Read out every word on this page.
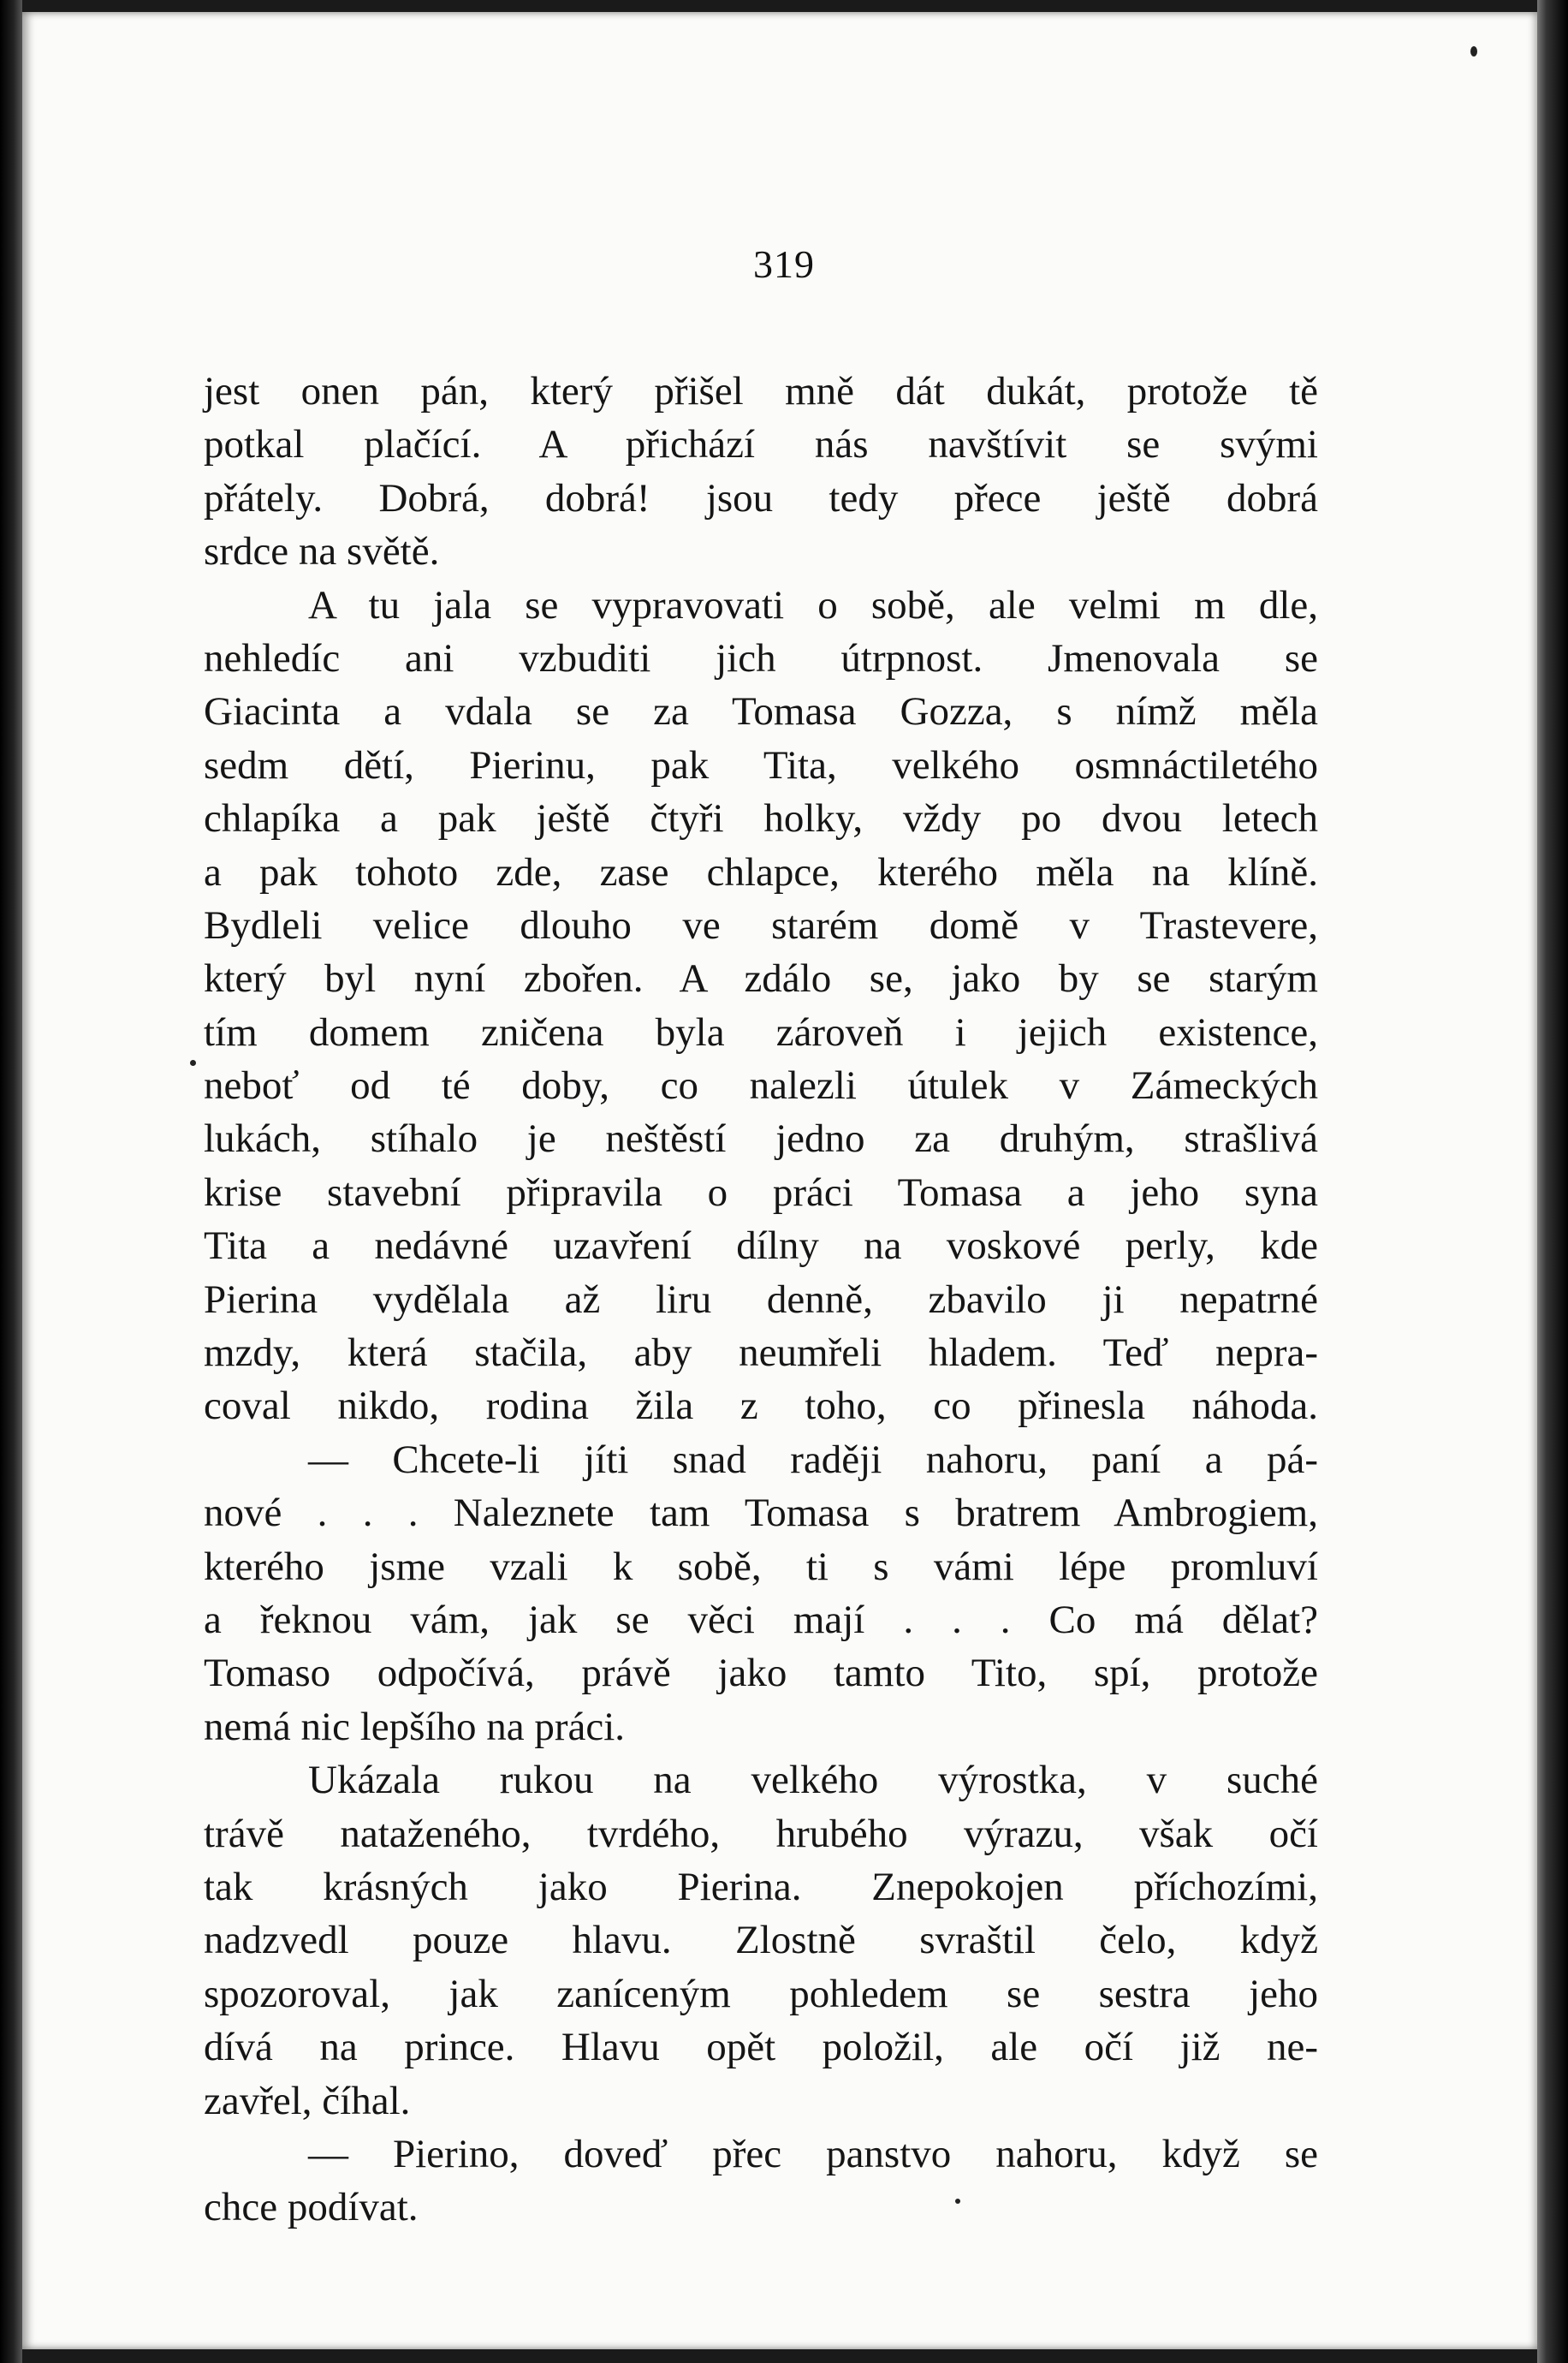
319
jest onen pán, který přišel mně dát dukát, protože tě
potkal plačící. A přichází nás navštívit se svými
přátely. Dobrá, dobrá! jsou tedy přece ještě dobrá
srdce na světě.
A tu jala se vypravovati o sobě, ale velmi m dle,
nehledíc ani vzbuditi jich útrpnost. Jmenovala se
Giacinta a vdala se za Tomasa Gozza, s nímž měla
sedm dětí, Pierinu, pak Tita, velkého osmnáctiletého
chlapíka a pak ještě čtyři holky, vždy po dvou letech
a pak tohoto zde, zase chlapce, kterého měla na klíně.
Bydleli velice dlouho ve starém domě v Trastevere,
který byl nyní zbořen. A zdálo se, jako by se starým
tím domem zničena byla zároveň i jejich existence,
neboť od té doby, co nalezli útulek v Zámeckých
lukách, stíhalo je neštěstí jedno za druhým, strašlivá
krise stavební připravila o práci Tomasa a jeho syna
Tita a nedávné uzavření dílny na voskové perly, kde
Pierina vydělala až liru denně, zbavilo ji nepatrné
mzdy, která stačila, aby neumřeli hladem. Teď nepra-
coval nikdo, rodina žila z toho, co přinesla náhoda.
— Chcete-li jíti snad raději nahoru, paní a pá-
nové . . . Naleznete tam Tomasa s bratrem Ambrogiem,
kterého jsme vzali k sobě, ti s vámi lépe promluví
a řeknou vám, jak se věci mají . . . Co má dělat?
Tomaso odpočívá, právě jako tamto Tito, spí, protože
nemá nic lepšího na práci.
Ukázala rukou na velkého výrostka, v suché
trávě nataženého, tvrdého, hrubého výrazu, však očí
tak krásných jako Pierina. Znepokojen příchozími,
nadzvedl pouze hlavu. Zlostně svraštil čelo, když
spozoroval, jak zaníceným pohledem se sestra jeho
dívá na prince. Hlavu opět položil, ale očí již ne-
zavřel, číhal.
— Pierino, doveď přec panstvo nahoru, když se
chce podívat.
